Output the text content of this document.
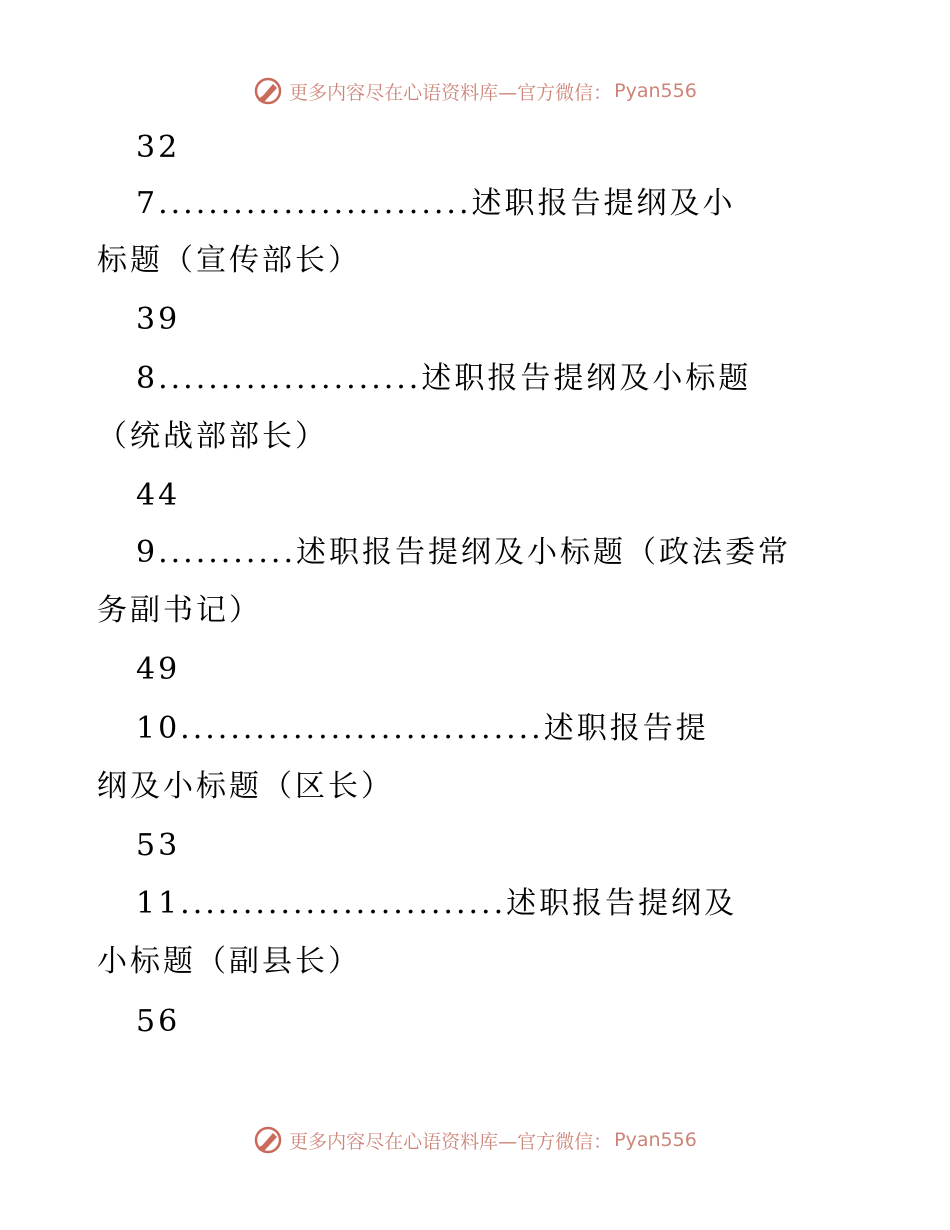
更多内容尽在心语资料库—官方微信： Pyan556
32
7.........................述职报告提纲及小
标题（宣传部长）
39
8.....................述职报告提纲及小标题
（统战部部长）
44
9...........述职报告提纲及小标题（政法委常
务副书记）
49
10.............................述职报告提
纲及小标题（区长）
53
11..........................述职报告提纲及
小标题（副县长）
56
更多内容尽在心语资料库—官方微信： Pyan556
